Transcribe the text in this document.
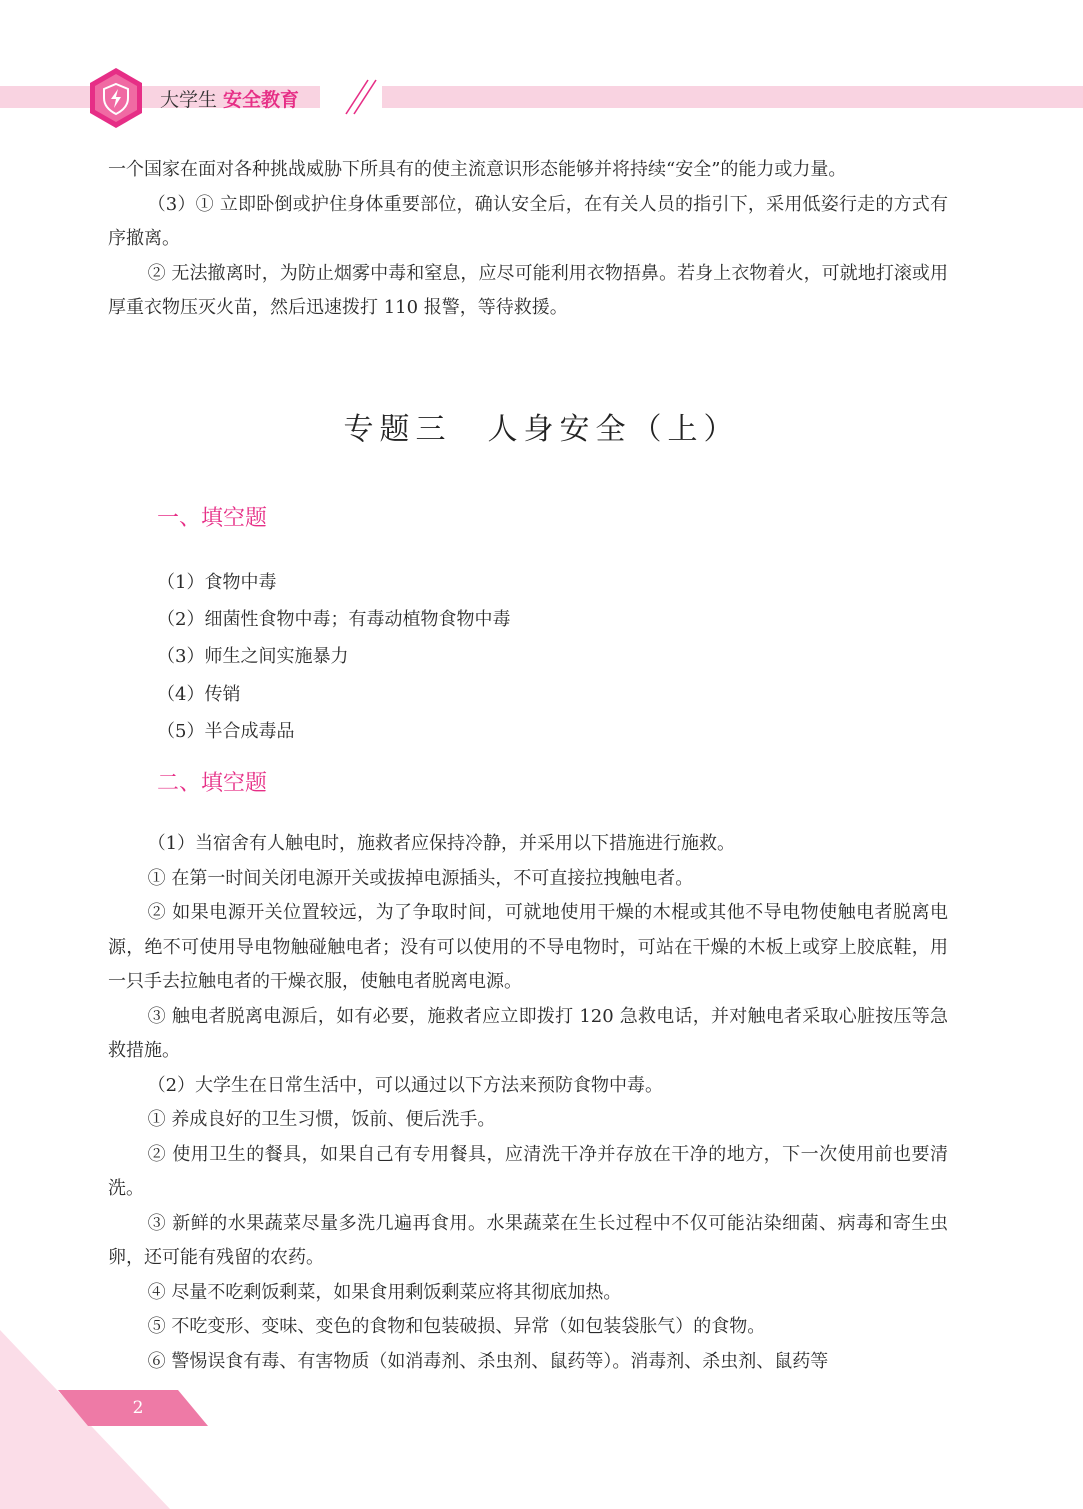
大学生 安全教育

一个国家在面对各种挑战威胁下所具有的使主流意识形态能够并将持续“安全”的能力或力量。

（3）① 立即卧倒或护住身体重要部位，确认安全后，在有关人员的指引下，采用低姿行走的方式有序撤离。

② 无法撤离时，为防止烟雾中毒和窒息，应尽可能利用衣物捂鼻。若身上衣物着火，可就地打滚或用厚重衣物压灭火苗，然后迅速拨打 110 报警，等待救援。

专题三　人身安全（上）
一、填空题

（1）食物中毒

（2）细菌性食物中毒；有毒动植物食物中毒

（3）师生之间实施暴力

（4）传销

（5）半合成毒品

二、填空题

（1）当宿舍有人触电时，施救者应保持冷静，并采用以下措施进行施救。

① 在第一时间关闭电源开关或拔掉电源插头，不可直接拉拽触电者。

② 如果电源开关位置较远，为了争取时间，可就地使用干燥的木棍或其他不导电物使触电者脱离电源，绝不可使用导电物触碰触电者；没有可以使用的不导电物时，可站在干燥的木板上或穿上胶底鞋，用一只手去拉触电者的干燥衣服，使触电者脱离电源。

③ 触电者脱离电源后，如有必要，施救者应立即拨打 120 急救电话，并对触电者采取心脏按压等急救措施。

（2）大学生在日常生活中，可以通过以下方法来预防食物中毒。

① 养成良好的卫生习惯，饭前、便后洗手。

② 使用卫生的餐具，如果自己有专用餐具，应清洗干净并存放在干净的地方，下一次使用前也要清洗。

③ 新鲜的水果蔬菜尽量多洗几遍再食用。水果蔬菜在生长过程中不仅可能沾染细菌、病毒和寄生虫卵，还可能有残留的农药。

④ 尽量不吃剩饭剩菜，如果食用剩饭剩菜应将其彻底加热。

⑤ 不吃变形、变味、变色的食物和包装破损、异常（如包装袋胀气）的食物。

⑥ 警惕误食有毒、有害物质（如消毒剂、杀虫剂、鼠药等）。消毒剂、杀虫剂、鼠药等

2
